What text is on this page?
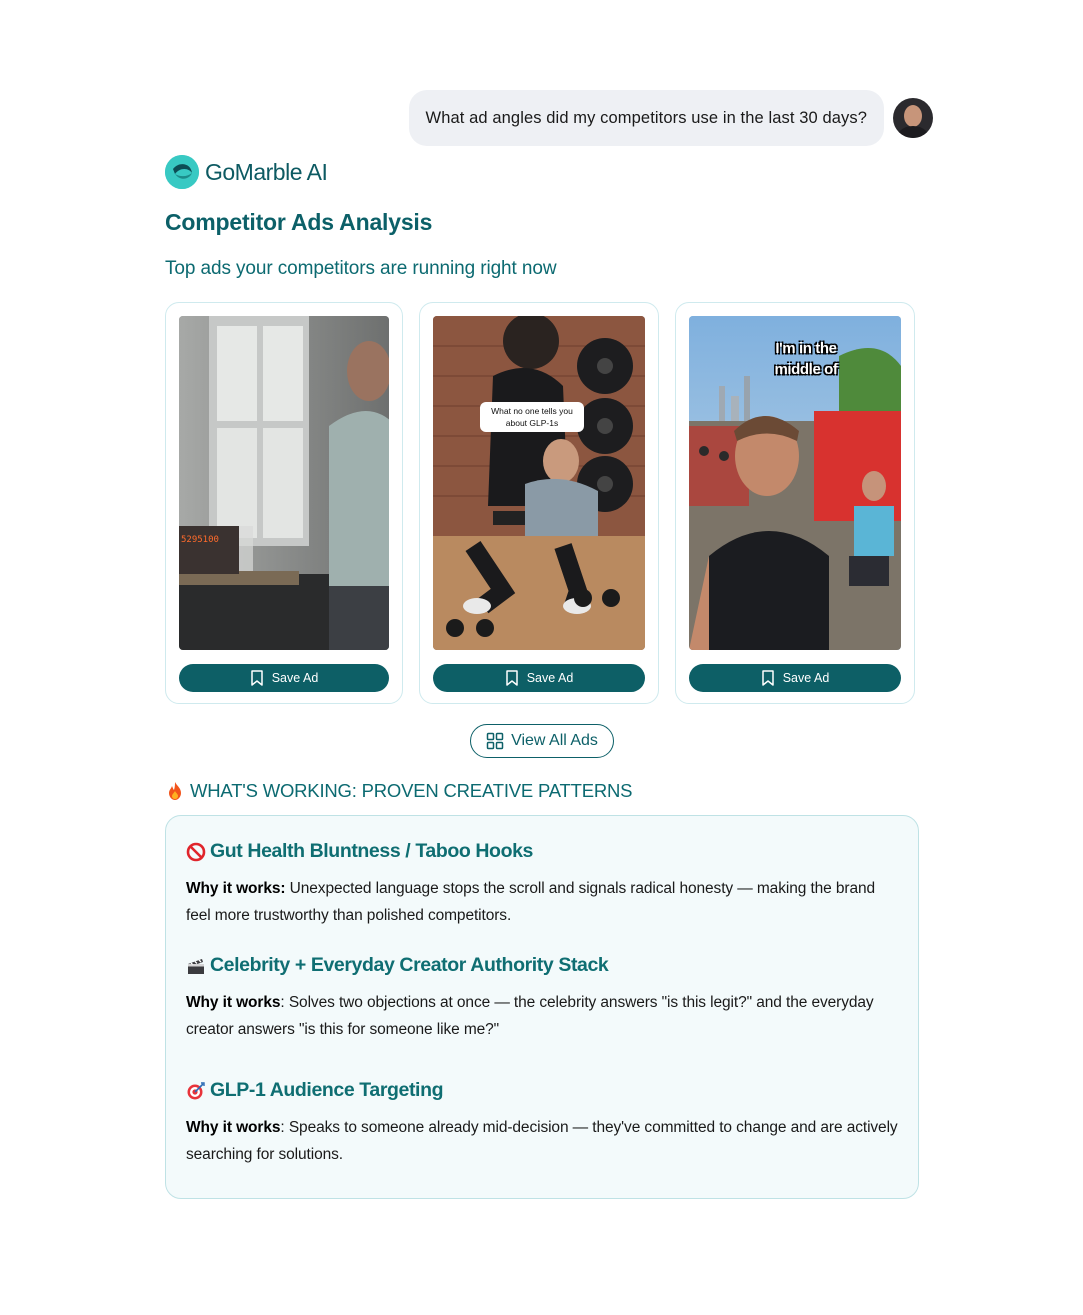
What ad angles did my competitors use in the last 30 days?
GoMarble AI
Competitor Ads Analysis
Top ads your competitors are running right now
5295100
Save Ad
What no one tells you about GLP-1s
Save Ad
I'm in the middle of
Save Ad
View All Ads
WHAT'S WORKING: PROVEN CREATIVE PATTERNS
Gut Health Bluntness / Taboo Hooks
Why it works: Unexpected language stops the scroll and signals radical honesty — making the brand feel more trustworthy than polished competitors.
Celebrity + Everyday Creator Authority Stack
Why it works: Solves two objections at once — the celebrity answers "is this legit?" and the everyday creator answers "is this for someone like me?"
GLP-1 Audience Targeting
Why it works: Speaks to someone already mid-decision — they've committed to change and are actively searching for solutions.
